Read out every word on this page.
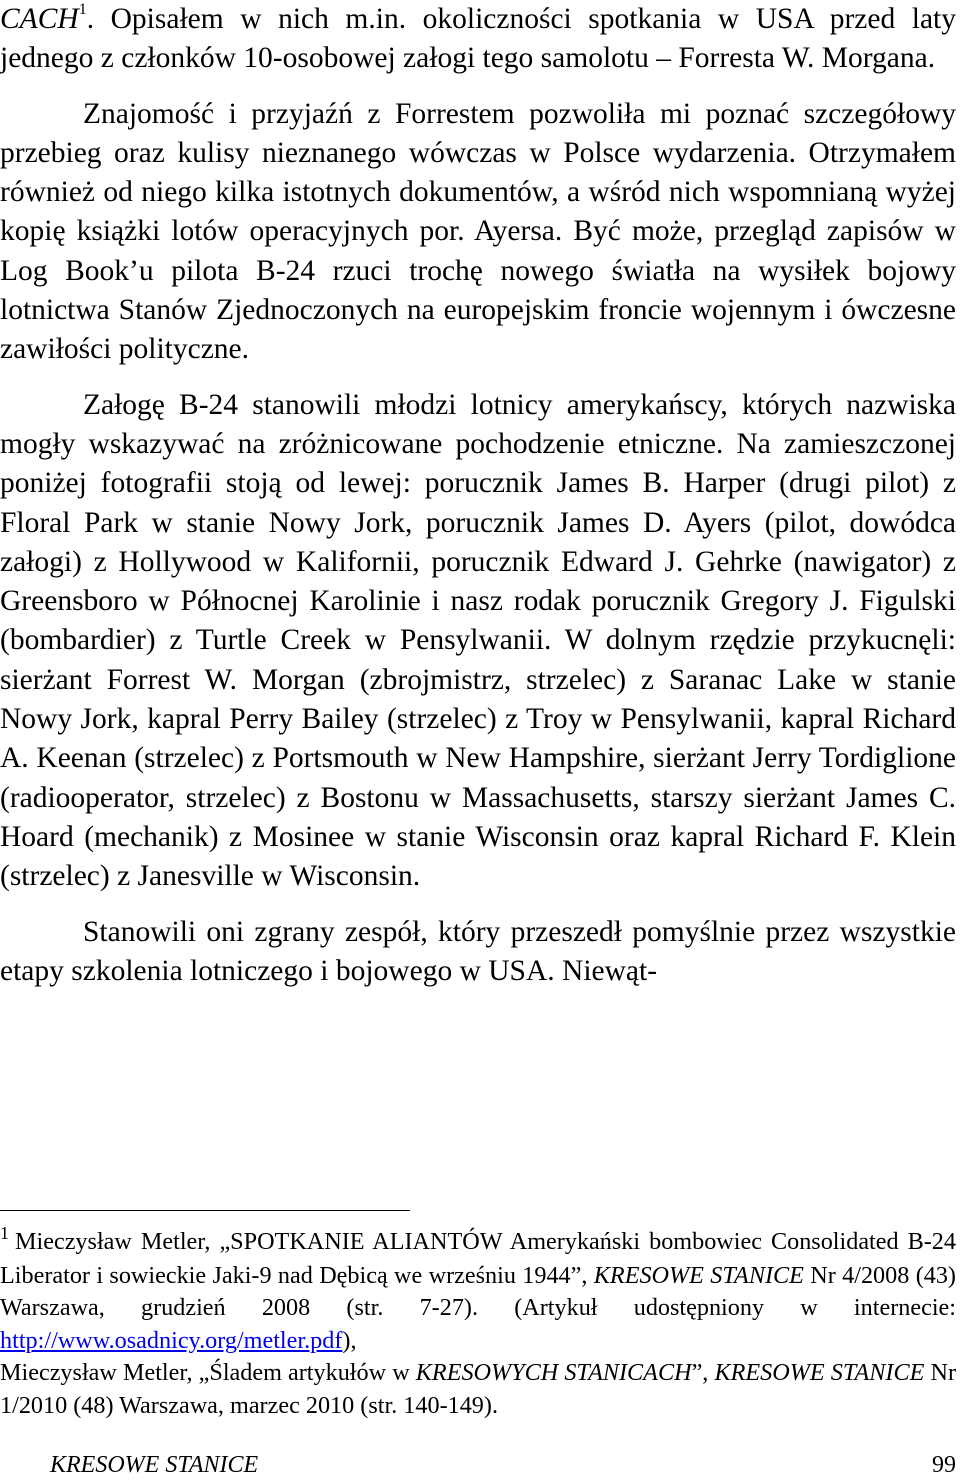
CACH$^1$. Opisałem w nich m.in. okoliczności spotkania w USA przed laty jednego z członków 10-osobowej załogi tego samolotu – Forresta W. Morgana.

Znajomość i przyjaźń z Forrestem pozwoliła mi poznać szczegółowy przebieg oraz kulisy nieznanego wówczas w Polsce wydarzenia. Otrzymałem również od niego kilka istotnych dokumentów, a wśród nich wspomnianą wyżej kopię książki lotów operacyjnych por. Ayersa. Być może, przegląd zapisów w Log Book’u pilota B-24 rzuci trochę nowego światła na wysiłek bojowy lotnictwa Stanów Zjednoczonych na europejskim froncie wojennym i ówczesne zawiłości polityczne.

Załogę B-24 stanowili młodzi lotnicy amerykańscy, których nazwiska mogły wskazywać na zróżnicowane pochodzenie etniczne. Na zamieszczonej poniżej fotografii stoją od lewej: porucznik James B. Harper (drugi pilot) z Floral Park w stanie Nowy Jork, porucznik James D. Ayers (pilot, dowódca załogi) z Hollywood w Kalifornii, porucznik Edward J. Gehrke (nawigator) z Greensboro w Północnej Karolinie i nasz rodak porucznik Gregory J. Figulski (bombardier) z Turtle Creek w Pensylwanii. W dolnym rzędzie przykucnęli: sierżant Forrest W. Morgan (zbrojmistrz, strzelec) z Saranac Lake w stanie Nowy Jork, kapral Perry Bailey (strzelec) z Troy w Pensylwanii, kapral Richard A. Keenan (strzelec) z Portsmouth w New Hampshire, sierżant Jerry Tordiglione (radiooperator, strzelec) z Bostonu w Massachusetts, starszy sierżant James C. Hoard (mechanik) z Mosinee w stanie Wisconsin oraz kapral Richard F. Klein (strzelec) z Janesville w Wisconsin.

Stanowili oni zgrany zespół, który przeszedł pomyślnie przez wszystkie etapy szkolenia lotniczego i bojowego w USA. Niewąt-

$^1$ Mieczysław Metler, „SPOTKANIE ALIANTÓW Amerykański bombowiec Consolidated B-24 Liberator i sowieckie Jaki-9 nad Dębicą we wrześniu 1944”, KRESOWE STANICE Nr 4/2008 (43) Warszawa, grudzień 2008 (str. 7-27). (Artykuł udostępniony w internecie: http://www.osadnicy.org/metler.pdf),
Mieczysław Metler, „Śladem artykułów w KRESOWYCH STANICACH”, KRESOWE STANICE Nr 1/2010 (48) Warszawa, marzec 2010 (str. 140-149).

KRESOWE STANICE	99
